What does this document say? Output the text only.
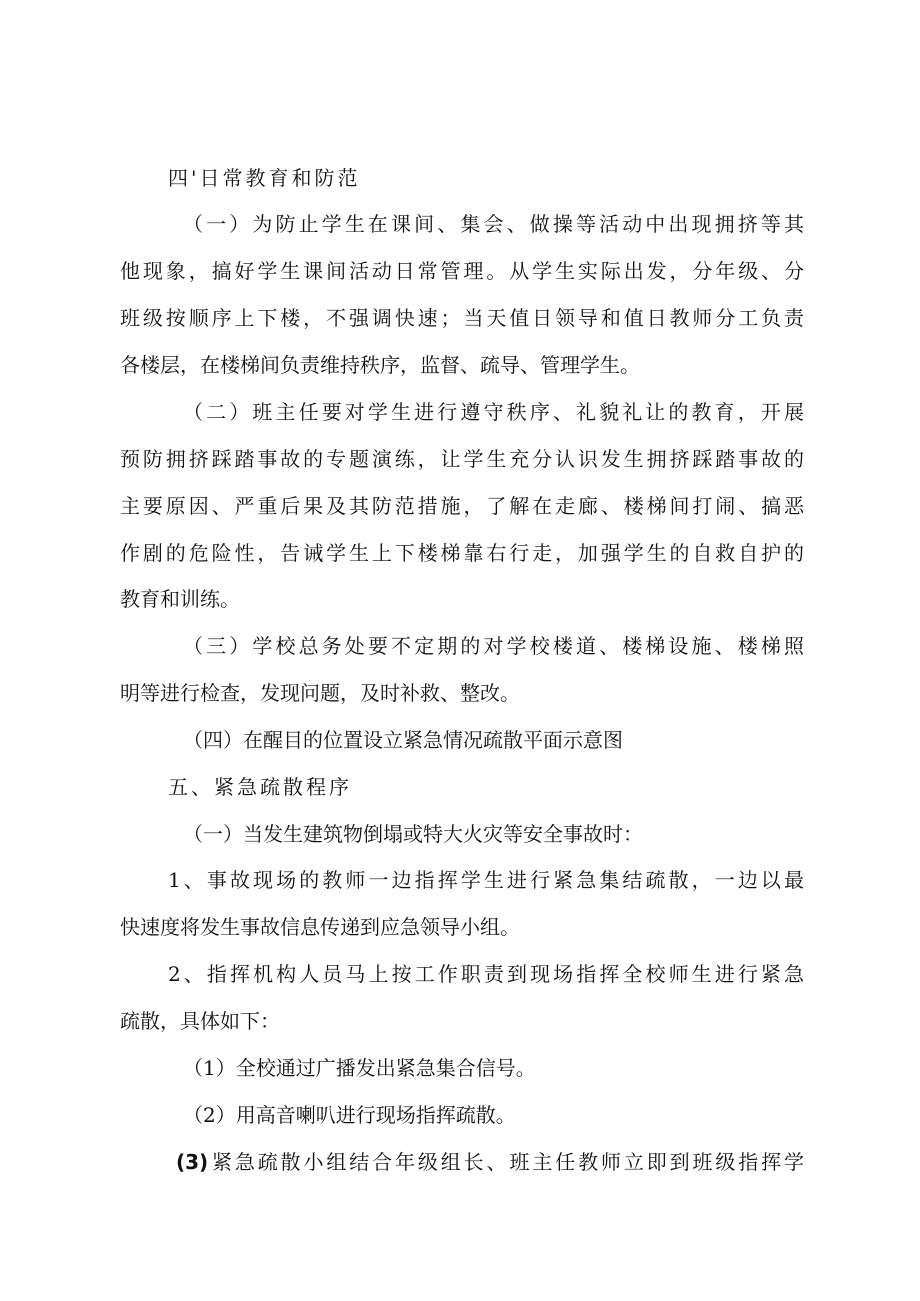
四'日常教育和防范
（一）为防止学生在课间、集会、做操等活动中出现拥挤等其
他现象，搞好学生课间活动日常管理。从学生实际出发，分年级、分
班级按顺序上下楼，不强调快速；当天值日领导和值日教师分工负责
各楼层，在楼梯间负责维持秩序，监督、疏导、管理学生。
（二）班主任要对学生进行遵守秩序、礼貌礼让的教育，开展
预防拥挤踩踏事故的专题演练，让学生充分认识发生拥挤踩踏事故的
主要原因、严重后果及其防范措施，了解在走廊、楼梯间打闹、搞恶
作剧的危险性，告诫学生上下楼梯靠右行走，加强学生的自救自护的
教育和训练。
（三）学校总务处要不定期的对学校楼道、楼梯设施、楼梯照
明等进行检查，发现问题，及时补救、整改。
（四）在醒目的位置设立紧急情况疏散平面示意图
五、紧急疏散程序
（一）当发生建筑物倒塌或特大火灾等安全事故时：
1、事故现场的教师一边指挥学生进行紧急集结疏散，一边以最
快速度将发生事故信息传递到应急领导小组。
2、指挥机构人员马上按工作职责到现场指挥全校师生进行紧急
疏散，具体如下：
（1）全校通过广播发出紧急集合信号。
（2）用高音喇叭进行现场指挥疏散。
(3) 紧急疏散小组结合年级组长、班主任教师立即到班级指挥学
